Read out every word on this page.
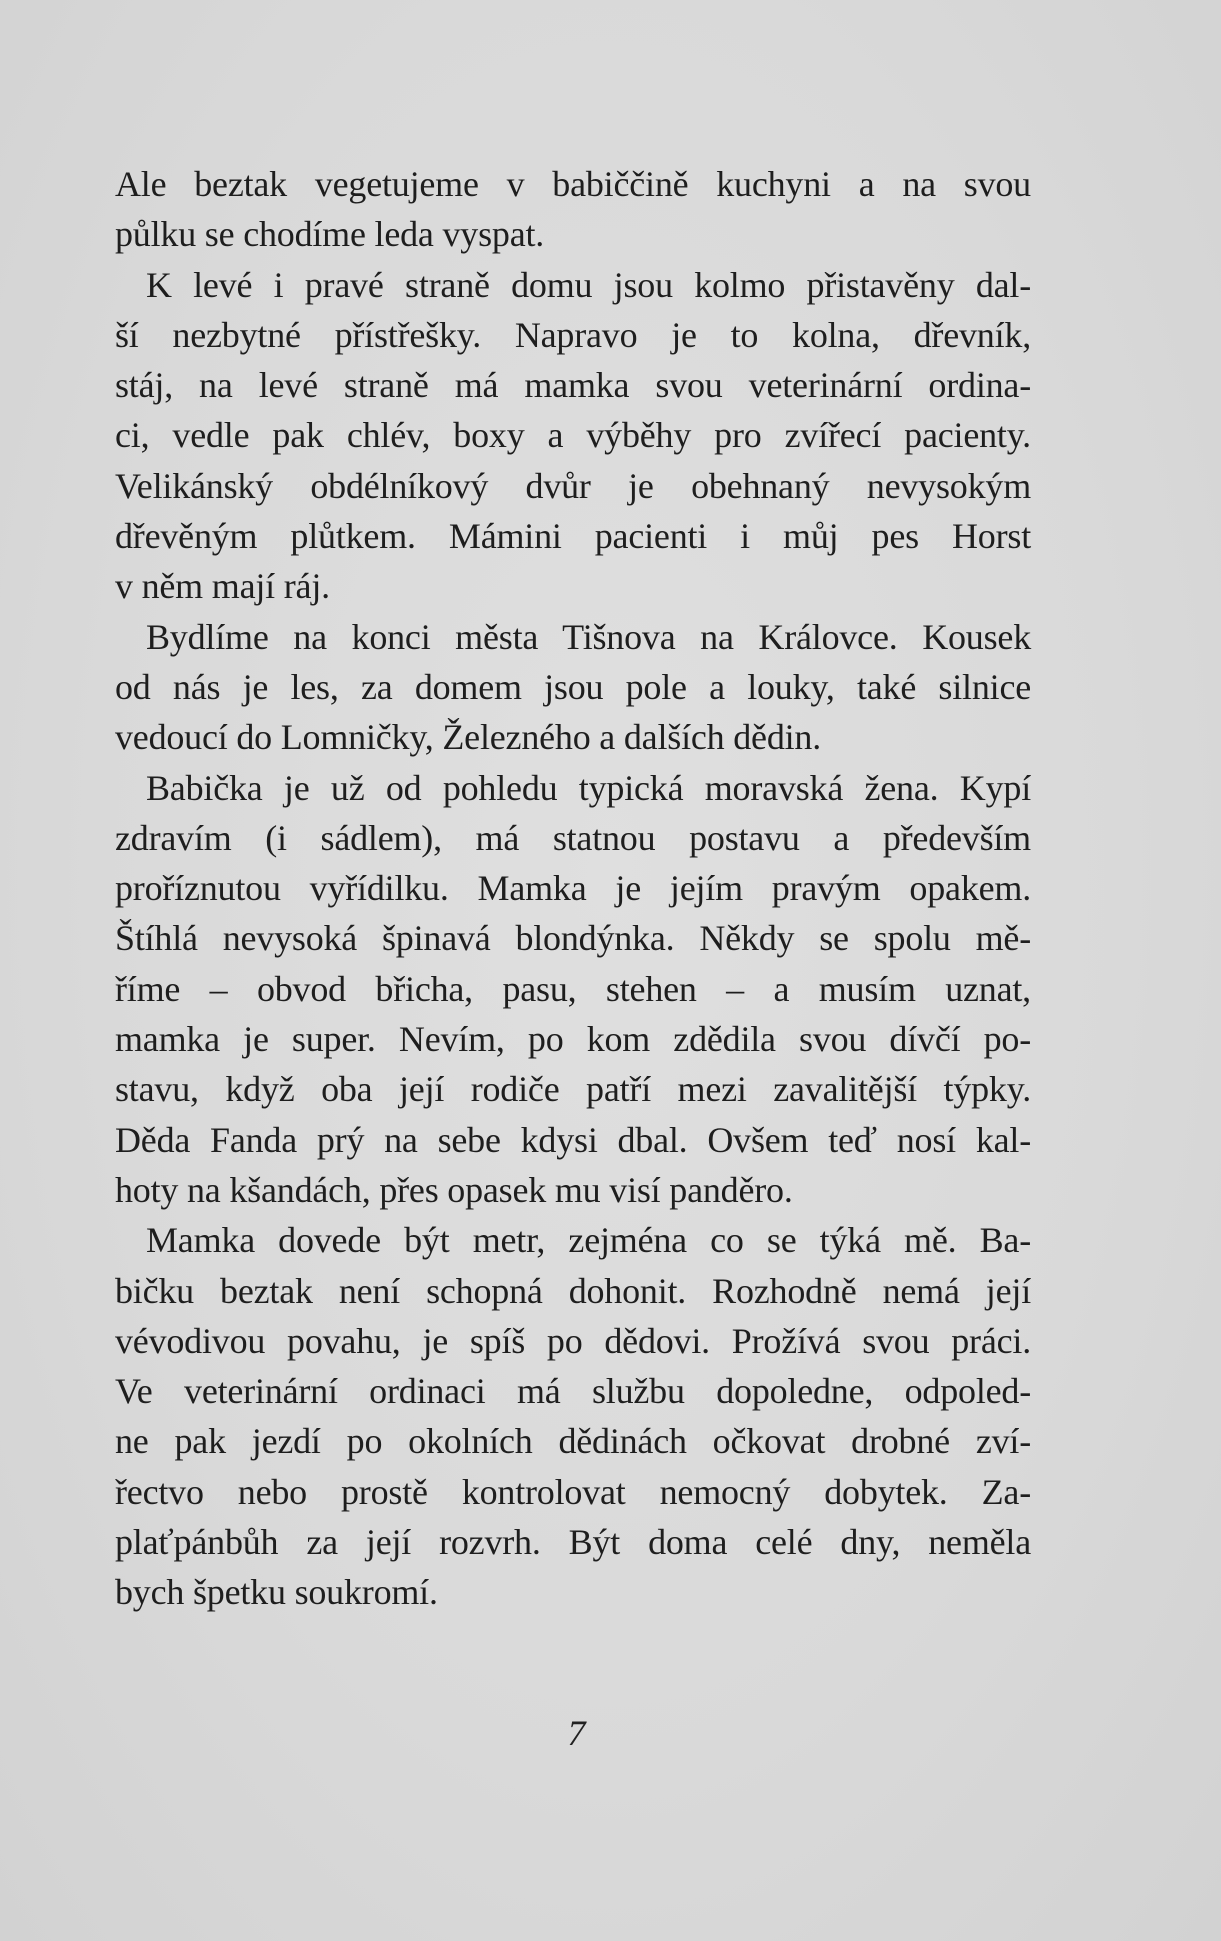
Ale beztak vegetujeme v babiččině kuchyni a na svou
půlku se chodíme leda vyspat.
K levé i pravé straně domu jsou kolmo přistavěny dal-
ší nezbytné přístřešky. Napravo je to kolna, dřevník,
stáj, na levé straně má mamka svou veterinární ordina-
ci, vedle pak chlév, boxy a výběhy pro zvířecí pacienty.
Velikánský obdélníkový dvůr je obehnaný nevysokým
dřevěným plůtkem. Mámini pacienti i můj pes Horst
v něm mají ráj.
Bydlíme na konci města Tišnova na Královce. Kousek
od nás je les, za domem jsou pole a louky, také silnice
vedoucí do Lomničky, Železného a dalších dědin.
Babička je už od pohledu typická moravská žena. Kypí
zdravím (i sádlem), má statnou postavu a především
proříznutou vyřídilku. Mamka je jejím pravým opakem.
Štíhlá nevysoká špinavá blondýnka. Někdy se spolu mě-
říme – obvod břicha, pasu, stehen – a musím uznat,
mamka je super. Nevím, po kom zdědila svou dívčí po-
stavu, když oba její rodiče patří mezi zavalitější týpky.
Děda Fanda prý na sebe kdysi dbal. Ovšem teď nosí kal-
hoty na kšandách, přes opasek mu visí panděro.
Mamka dovede být metr, zejména co se týká mě. Ba-
bičku beztak není schopná dohonit. Rozhodně nemá její
vévodivou povahu, je spíš po dědovi. Prožívá svou práci.
Ve veterinární ordinaci má službu dopoledne, odpoled-
ne pak jezdí po okolních dědinách očkovat drobné zví-
řectvo nebo prostě kontrolovat nemocný dobytek. Za-
plaťpánbůh za její rozvrh. Být doma celé dny, neměla
bych špetku soukromí.
7
